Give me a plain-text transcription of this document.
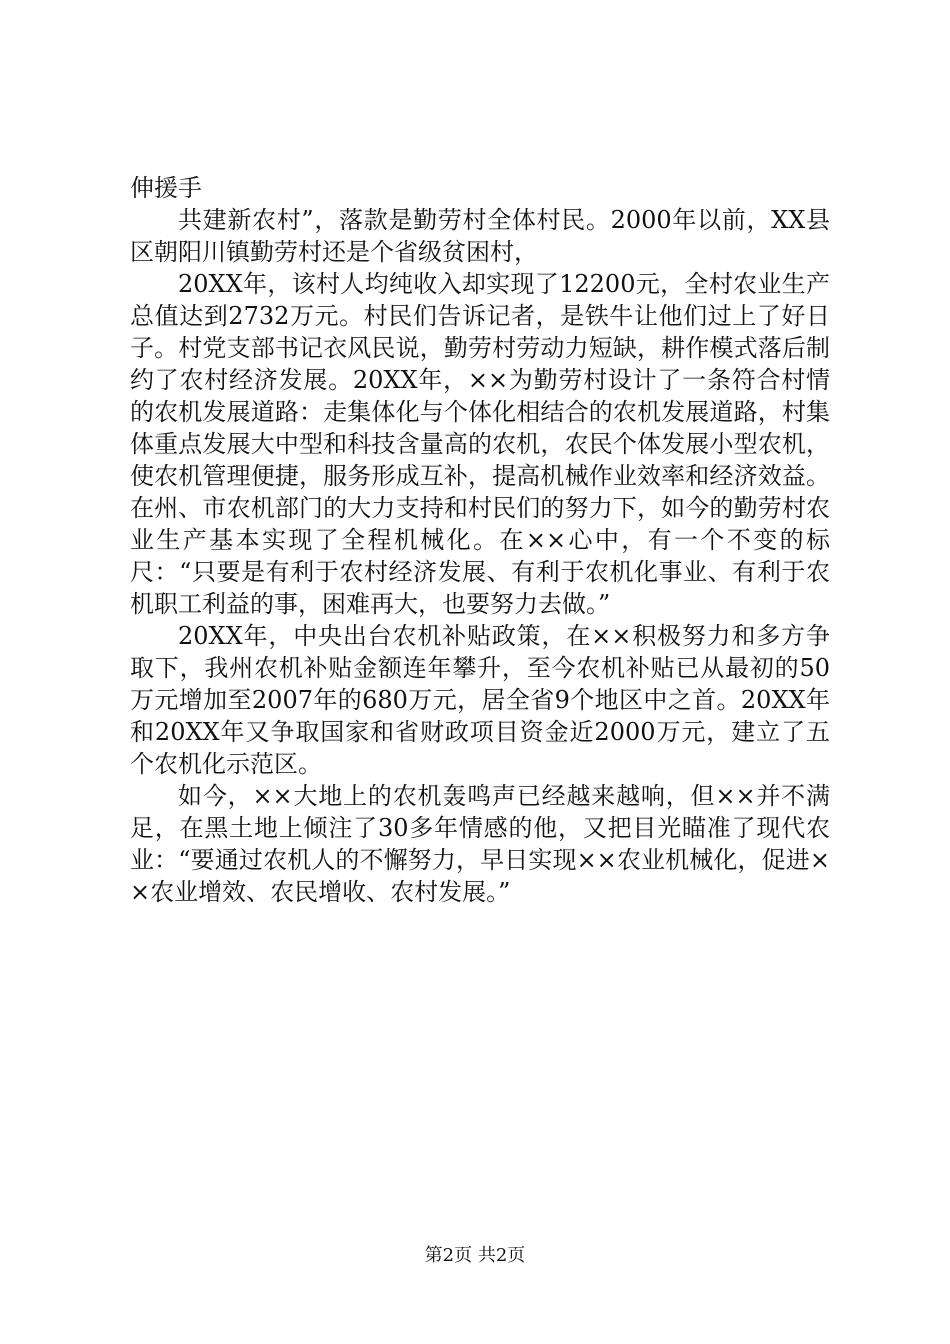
伸援手

共建新农村”，落款是勤劳村全体村民。2000年以前，XX县区朝阳川镇勤劳村还是个省级贫困村，

20XX年，该村人均纯收入却实现了12200元，全村农业生产总值达到2732万元。村民们告诉记者，是铁牛让他们过上了好日子。村党支部书记衣风民说，勤劳村劳动力短缺，耕作模式落后制约了农村经济发展。20XX年，××为勤劳村设计了一条符合村情的农机发展道路：走集体化与个体化相结合的农机发展道路，村集体重点发展大中型和科技含量高的农机，农民个体发展小型农机，使农机管理便捷，服务形成互补，提高机械作业效率和经济效益。在州、市农机部门的大力支持和村民们的努力下，如今的勤劳村农业生产基本实现了全程机械化。在××心中，有一个不变的标尺：“只要是有利于农村经济发展、有利于农机化事业、有利于农机职工利益的事，困难再大，也要努力去做。”

20XX年，中央出台农机补贴政策，在××积极努力和多方争取下，我州农机补贴金额连年攀升，至今农机补贴已从最初的50万元增加至2007年的680万元，居全省9个地区中之首。20XX年和20XX年又争取国家和省财政项目资金近2000万元，建立了五个农机化示范区。

如今，××大地上的农机轰鸣声已经越来越响，但××并不满足，在黑土地上倾注了30多年情感的他，又把目光瞄准了现代农业：“要通过农机人的不懈努力，早日实现××农业机械化，促进××农业增效、农民增收、农村发展。”

第2页 共2页
